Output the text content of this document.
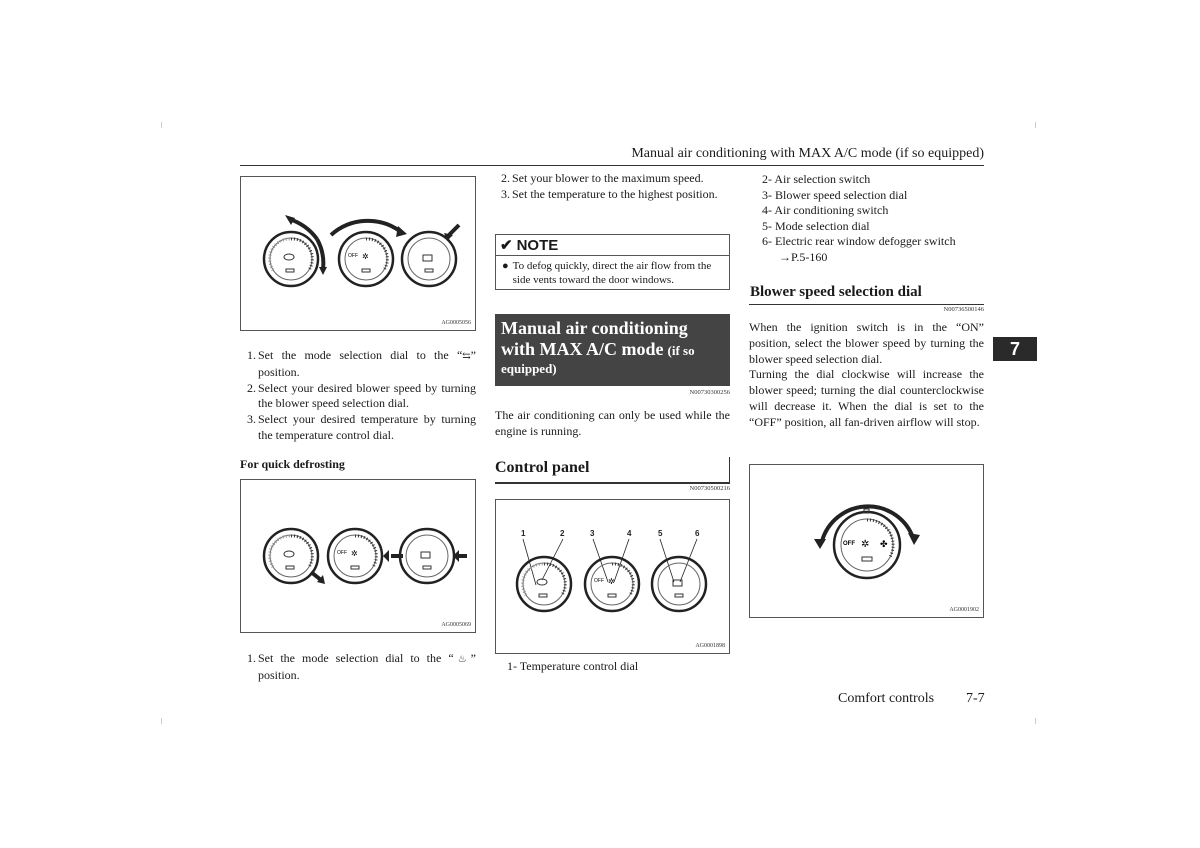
Manual air conditioning with MAX A/C mode (if so equipped)
OFF ✲
AG0005056
1. Set the mode selection dial to the “⇆” position.
2. Select your desired blower speed by turning the blower speed selection dial.
3. Select your desired temperature by turning the temperature control dial.
For quick defrosting
OFF ✲
AG0005069
1. Set the mode selection dial to the “♨” position.
2. Set your blower to the maximum speed.
3. Set the temperature to the highest position.
✔ NOTE
● To defog quickly, direct the air flow from the side vents toward the door windows.
Manual air conditioning with MAX A/C mode (if so equipped)
N00730300256
The air conditioning can only be used while the engine is running.
Control panel
N00730500216
1	2	3	4	5	6
OFF ✲
AG0001898
1- Temperature control dial
2- Air selection switch
3- Blower speed selection dial
4- Air conditioning switch
5- Mode selection dial
6- Electric rear window defogger switch
→P.5-160
Blower speed selection dial
N00736500146
When the ignition switch is in the “ON” position, select the blower speed by turning the blower speed selection dial.
Turning the dial clockwise will increase the blower speed; turning the dial counterclockwise will decrease it. When the dial is set to the “OFF” position, all fan-driven airflow will stop.
OFF ✲ ✤
AG0001902
7
Comfort controls 7-7
